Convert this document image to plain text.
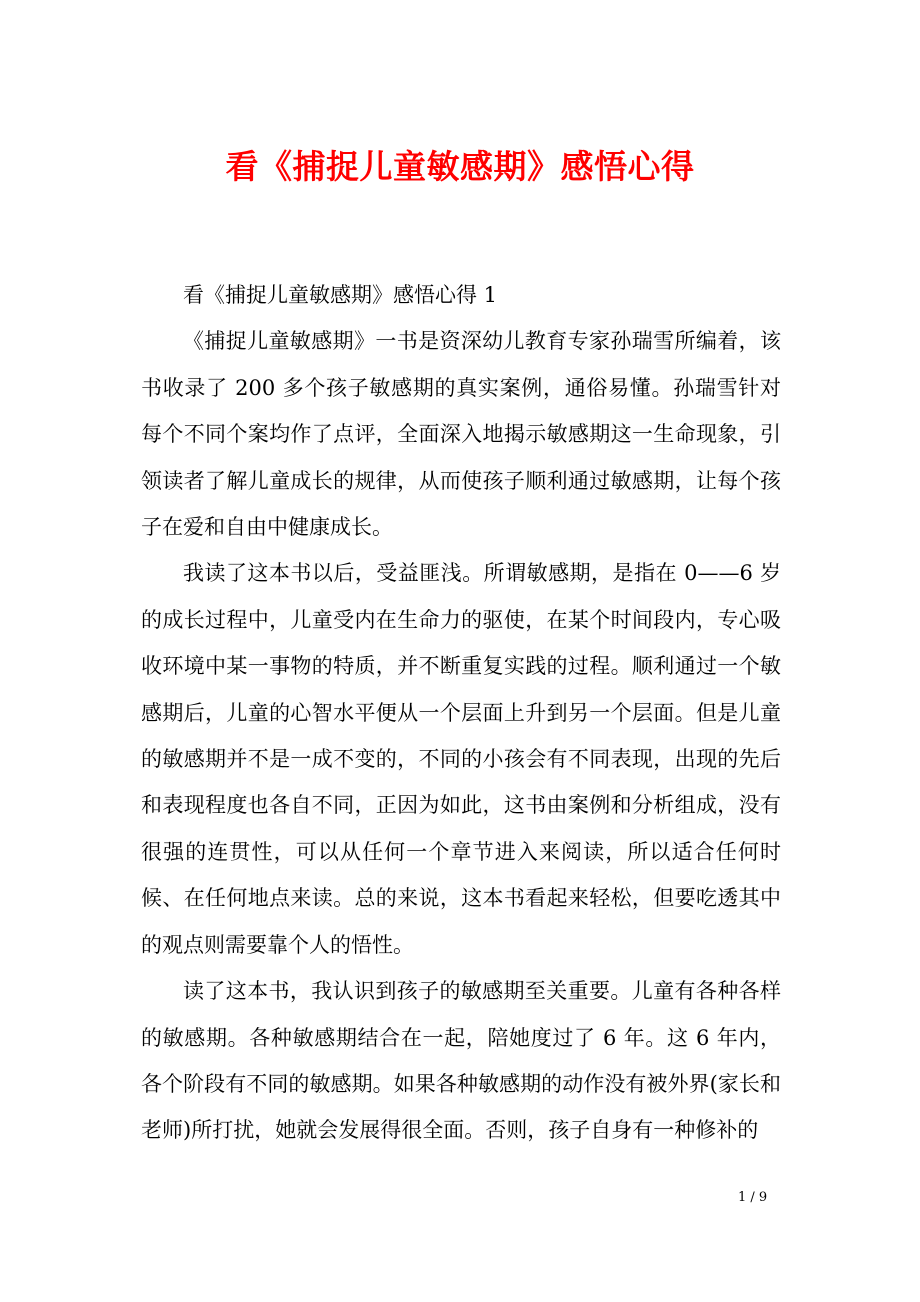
看《捕捉儿童敏感期》感悟心得

看《捕捉儿童敏感期》感悟心得 1

《捕捉儿童敏感期》一书是资深幼儿教育专家孙瑞雪所编着，该书收录了 200 多个孩子敏感期的真实案例，通俗易懂。孙瑞雪针对每个不同个案均作了点评，全面深入地揭示敏感期这一生命现象，引领读者了解儿童成长的规律，从而使孩子顺利通过敏感期，让每个孩子在爱和自由中健康成长。

我读了这本书以后，受益匪浅。所谓敏感期，是指在 0——6 岁的成长过程中，儿童受内在生命力的驱使，在某个时间段内，专心吸收环境中某一事物的特质，并不断重复实践的过程。顺利通过一个敏感期后，儿童的心智水平便从一个层面上升到另一个层面。但是儿童的敏感期并不是一成不变的，不同的小孩会有不同表现，出现的先后和表现程度也各自不同，正因为如此，这书由案例和分析组成，没有很强的连贯性，可以从任何一个章节进入来阅读，所以适合任何时候、在任何地点来读。总的来说，这本书看起来轻松，但要吃透其中的观点则需要靠个人的悟性。

读了这本书，我认识到孩子的敏感期至关重要。儿童有各种各样的敏感期。各种敏感期结合在一起，陪她度过了 6 年。这 6 年内，各个阶段有不同的敏感期。如果各种敏感期的动作没有被外界(家长和老师)所打扰，她就会发展得很全面。否则，孩子自身有一种修补的

1 / 9
